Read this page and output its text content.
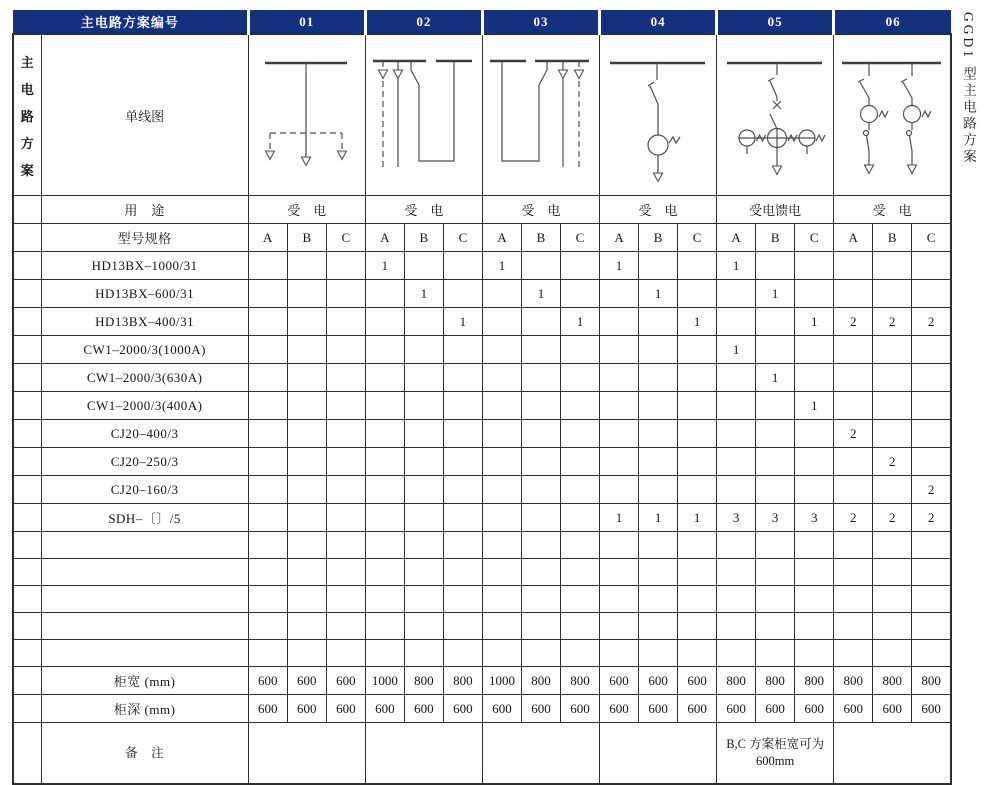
主电路方案编号		01			02			03			04			05			06		

主
电
路
方
案	单线图	

	用　途	受　电			受　电			受　电			受　电			受电馈电			受　电		
	型号规格	A	B	C	A	B	C	A	B	C	A	B	C	A	B	C	A	B	C
	HD13BX–1000/31				1			1			1			1					
	HD13BX–600/31					1			1			1			1				
	HD13BX–400/31						1			1			1			1	2	2	2
	CW1–2000/3(1000A)													1					
	CW1–2000/3(630A)														1				
	CW1–2000/3(400A)															1			
	CJ20–400/3																2		
	CJ20–250/3																	2	
	CJ20–160/3																		2
	SDH–〔〕/5										1	1	1	3	3	3	2	2	2

	柜宽 (mm)	600	600	600	1000	800	800	1000	800	800	600	600	600	800	800	800	800	800	800
	柜深 (mm)	600	600	600	600	600	600	600	600	600	600	600	600	600	600	600	600	600	600
	备　注													B,C 方案柜宽可为 600mm					
GGD1 型主电路方案
